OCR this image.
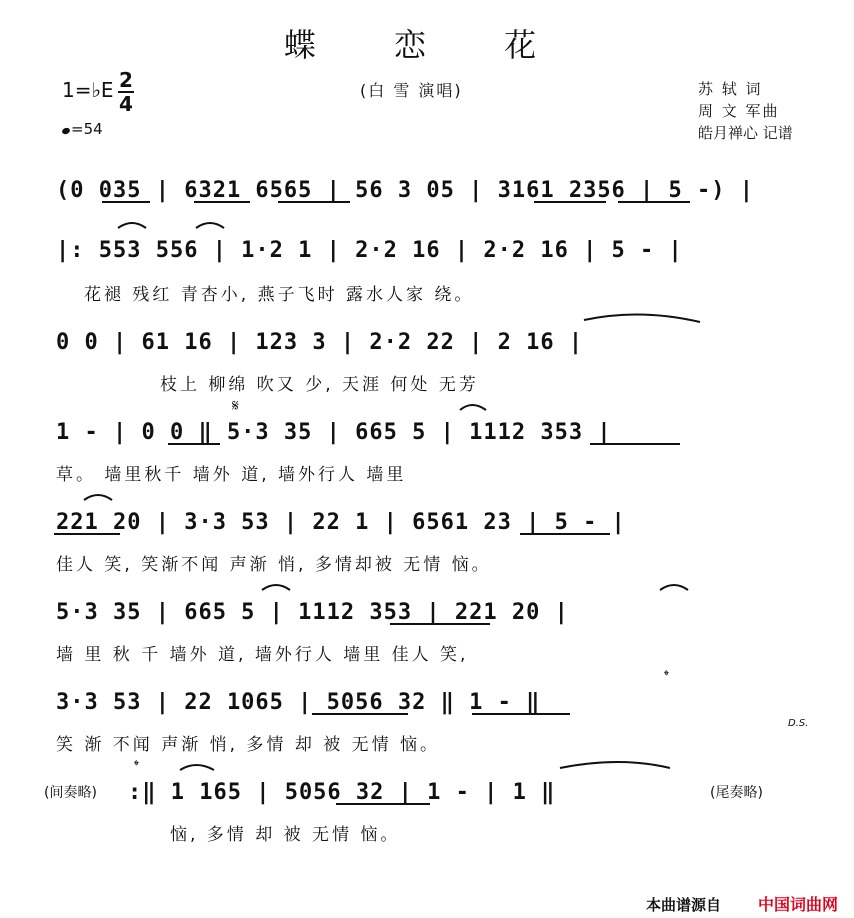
蝶 恋 花
(白 雪 演唱)	苏 轼 词
周 文 军曲
皓月禅心 记谱
1=♭E 2
4
=54
(0 035 | 6321 6565 | 56 3 05 | 3161 2356 | 5 -) |
|: 553 556 | 1·2 1 | 2·2 16 | 2·2 16 | 5 - |
花褪 残红 青杏小, 燕子飞时 露水人家 绕。
0 0 | 61 16 | 123 3 | 2·2 22 | 2 16 |
枝上 柳绵 吹又 少, 天涯 何处 无芳
𝄋
1 - | 0 0 ‖ 5·3 35 | 665 5 | 1112 353 |
草。 墙里秋千 墙外 道, 墙外行人 墙里
221 20 | 3·3 53 | 22 1 | 6561 23 | 5 - |
佳人 笑, 笑渐不闻 声渐 悄, 多情却被 无情 恼。
5·3 35 | 665 5 | 1112 353 | 221 20 |
墙 里 秋 千 墙外 道, 墙外行人 墙里 佳人 笑,
𝄌
3·3 53 | 22 1065 | 5056 32 ‖ 1 - ‖
D.S.
笑 渐 不闻 声渐 悄, 多情 却 被 无情 恼。
𝄌
(间奏略) :‖ 1 165 | 5056 32 | 1 - | 1 ‖	(尾奏略)
恼, 多情 却 被 无情 恼。
本曲谱源自 中国词曲网
